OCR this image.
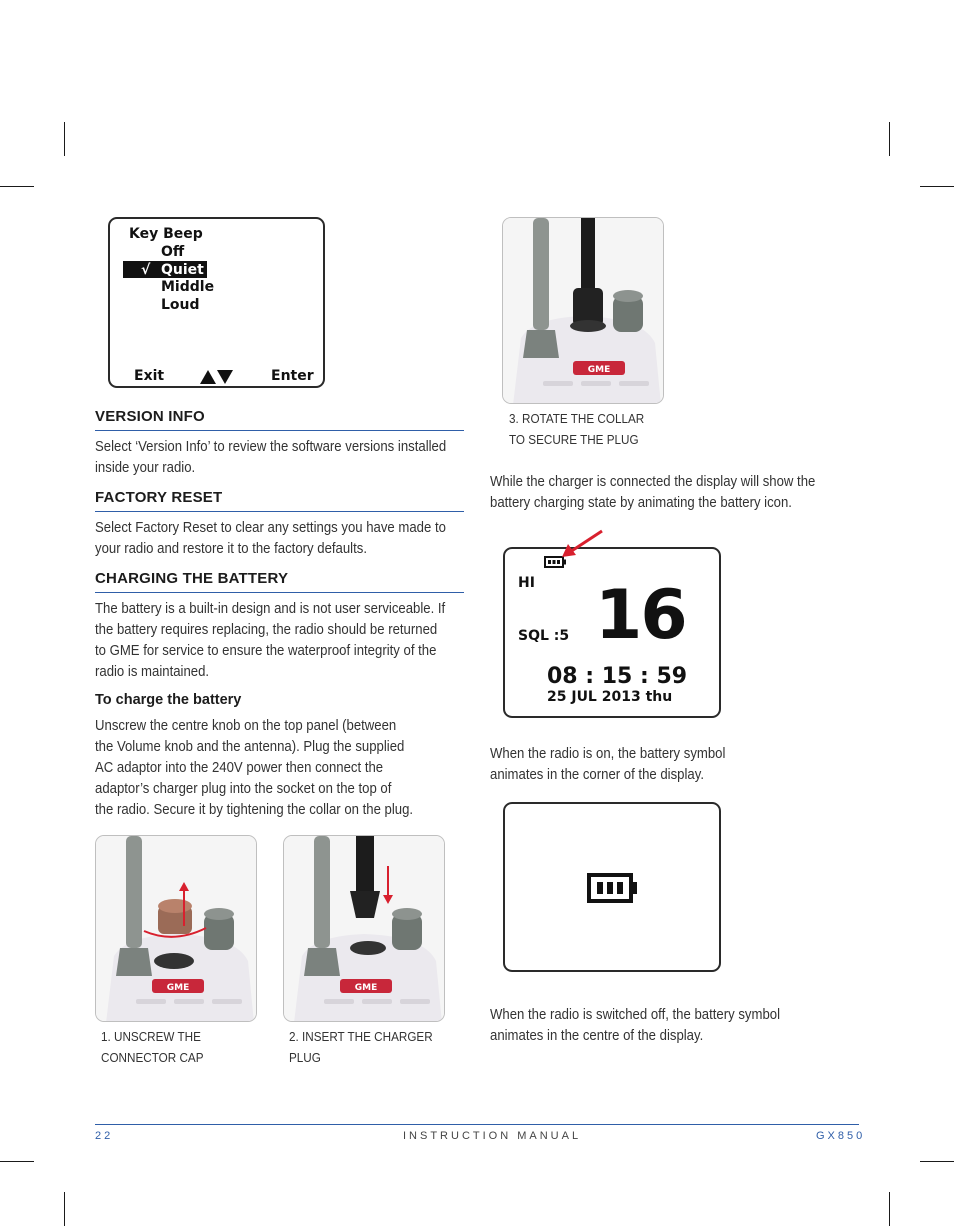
Key Beep
Off
√ Quiet
Middle
Loud
Exit	Enter
VERSION INFO
Select ‘Version Info’ to review the software versions installed
inside your radio.
FACTORY RESET
Select Factory Reset to clear any settings you have made to
your radio and restore it to the factory defaults.
CHARGING THE BATTERY
The battery is a built-in design and is not user serviceable. If
the battery requires replacing, the radio should be returned
to GME for service to ensure the waterproof integrity of the
radio is maintained.
To charge the battery
Unscrew the centre knob on the top panel (between
the Volume knob and the antenna). Plug the supplied
AC adaptor into the 240V power then connect the
adaptor’s charger plug into the socket on the top of
the radio. Secure it by tightening the collar on the plug.
GME
1. UNSCREW THE
CONNECTOR CAP
GME
2. INSERT THE CHARGER
PLUG
GME
3. ROTATE THE COLLAR
TO SECURE THE PLUG
While the charger is connected the display will show the
battery charging state by animating the battery icon.
HI
SQL :5 16
08 : 15 : 59
25 JUL 2013 thu
When the radio is on, the battery symbol
animates in the corner of the display.
When the radio is switched off, the battery symbol
animates in the centre of the display.
22	INSTRUCTION MANUAL	GX850
